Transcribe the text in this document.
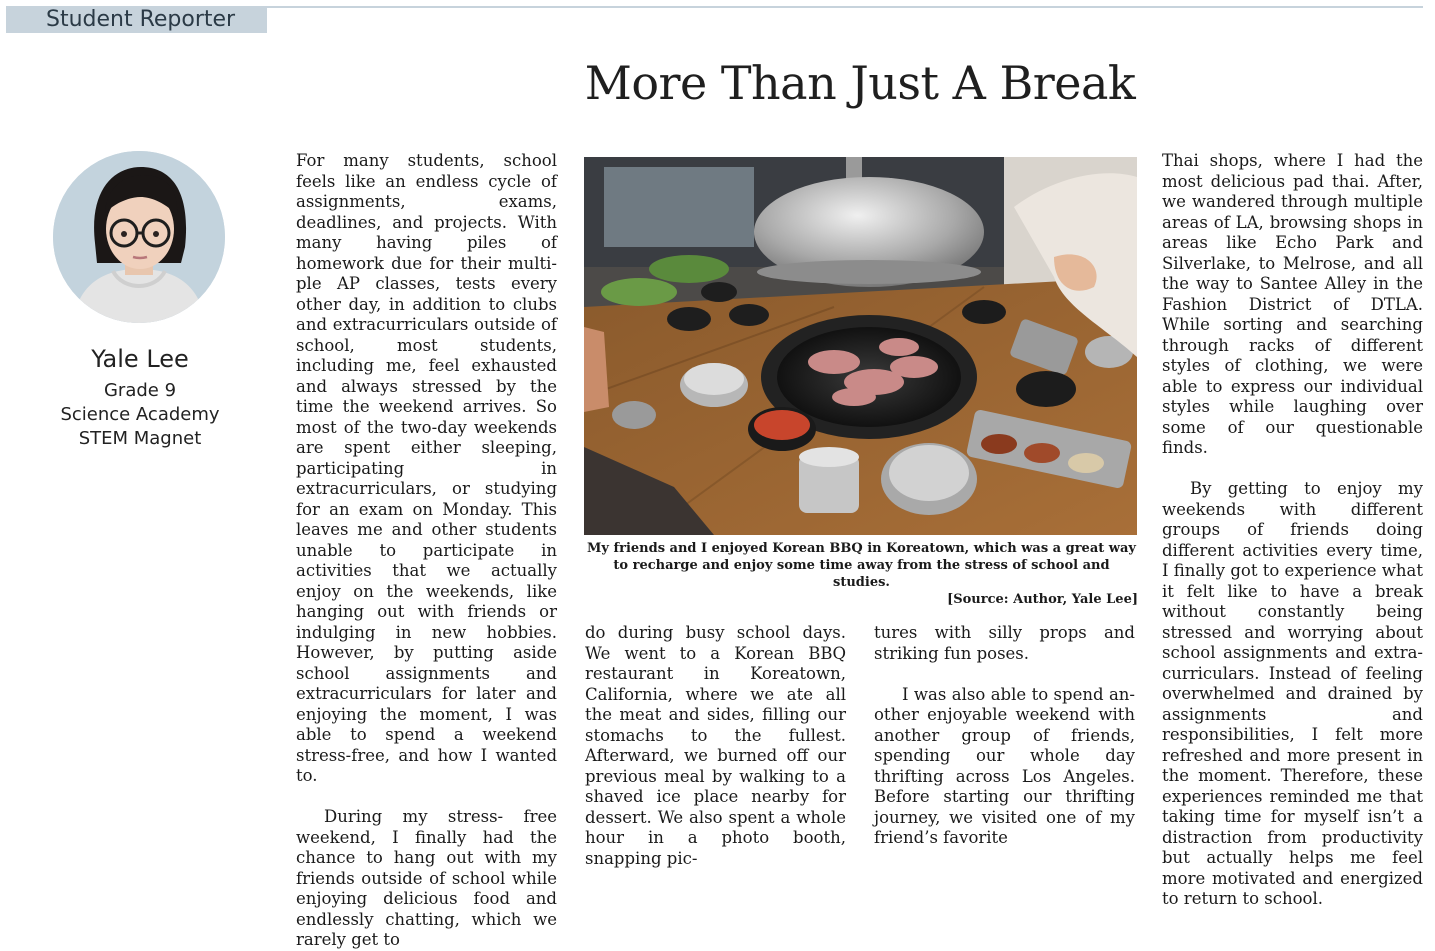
Student Reporter
More Than Just A Break
Yale Lee
Grade 9
Science Academy
STEM Magnet

For many students, school feels like an endless cycle of assignments, exams, deadlines, and projects. With many having piles of homework due for their multiple AP classes, tests every other day, in addition to clubs and extracurriculars outside of school, most students, including me, feel exhausted and always stressed by the time the weekend arrives. So most of the two-day weekends are spent either sleeping, participating in extracurriculars, or studying for an exam on Monday. This leaves me and other students unable to participate in activities that we actually enjoy on the weekends, like hanging out with friends or indulging in new hobbies. However, by putting aside school assignments and extracurriculars for later and enjoying the moment, I was able to spend a weekend stress-free, and how I wanted to.

During my stress- free weekend, I finally had the chance to hang out with my friends outside of school while enjoying delicious food and endlessly chatting, which we rarely get to

My friends and I enjoyed Korean BBQ in Koreatown, which was a great way to recharge and enjoy some time away from the stress of school and studies.
[Source: Author, Yale Lee]

do during busy school days. We went to a Korean BBQ restaurant in Koreatown, California, where we ate all the meat and sides, filling our stomachs to the fullest. Afterward, we burned off our previous meal by walking to a shaved ice place nearby for dessert. We also spent a whole hour in a photo booth, snapping pic-

tures with silly props and striking fun poses.

I was also able to spend another enjoyable weekend with another group of friends, spending our whole day thrifting across Los Angeles. Before starting our thrifting journey, we visited one of my friend’s favorite

Thai shops, where I had the most delicious pad thai. After, we wandered through multiple areas of LA, browsing shops in areas like Echo Park and Silverlake, to Melrose, and all the way to Santee Alley in the Fashion District of DTLA. While sorting and searching through racks of different styles of clothing, we were able to express our individual styles while laughing over some of our questionable finds.

By getting to enjoy my weekends with different groups of friends doing different activities every time, I finally got to experience what it felt like to have a break without constantly being stressed and worrying about school assignments and extracurriculars. Instead of feeling overwhelmed and drained by assignments and responsibilities, I felt more refreshed and more present in the moment. Therefore, these experiences reminded me that taking time for myself isn’t a distraction from productivity but actually helps me feel more motivated and energized to return to school.
